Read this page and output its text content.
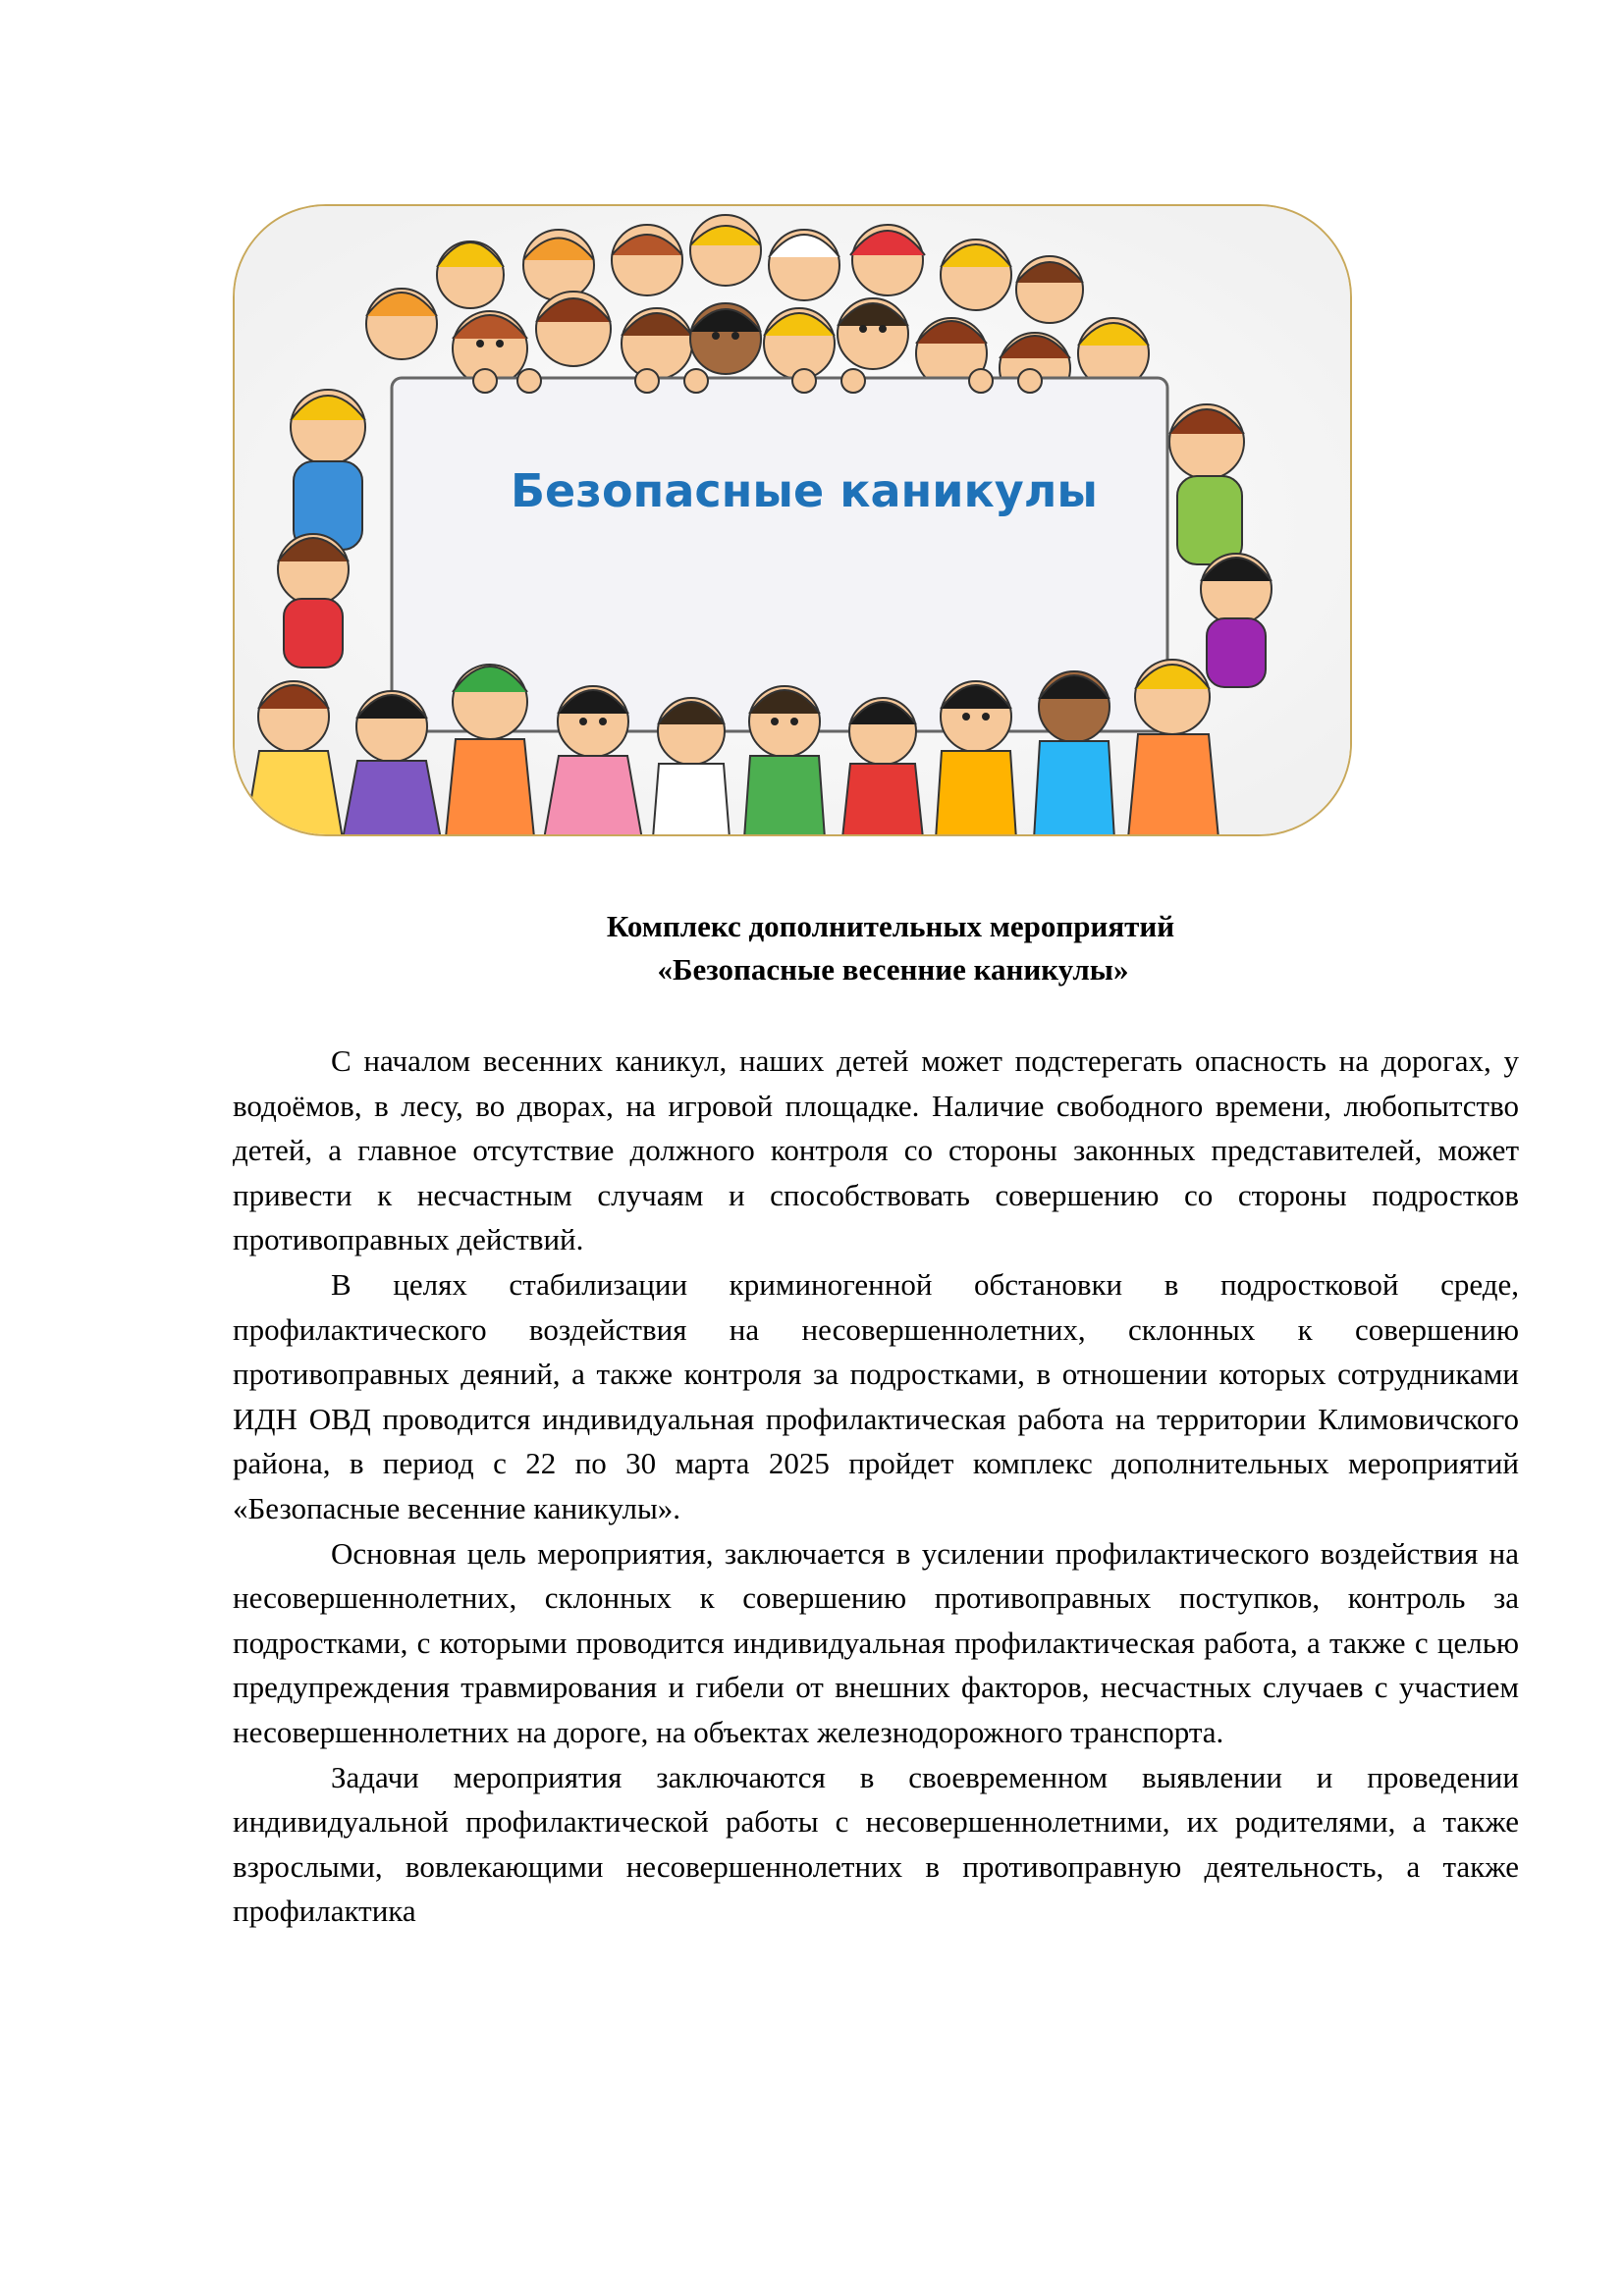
Безопасные каникулы
Комплекс дополнительных мероприятий
«Безопасные весенние каникулы»

С началом весенних каникул, наших детей может подстерегать опасность на дорогах, у водоёмов, в лесу, во дворах, на игровой площадке. Наличие свободного времени, любопытство детей, а главное отсутствие должного контроля со стороны законных представителей, может привести к несчастным случаям и способствовать совершению со стороны подростков противоправных действий.

В целях стабилизации криминогенной обстановки в подростковой среде, профилактического воздействия на несовершеннолетних, склонных к совершению противоправных деяний, а также контроля за подростками, в отношении которых сотрудниками ИДН ОВД проводится индивидуальная профилактическая работа на территории Климовичского района, в период с 22 по 30 марта 2025 пройдет комплекс дополнительных мероприятий «Безопасные весенние каникулы».

Основная цель мероприятия, заключается в усилении профилактического воздействия на несовершеннолетних, склонных к совершению противоправных поступков, контроль за подростками, с которыми проводится индивидуальная профилактическая работа, а также с целью предупреждения травмирования и гибели от внешних факторов, несчастных случаев с участием несовершеннолетних на дороге, на объектах железнодорожного транспорта.

Задачи мероприятия заключаются в своевременном выявлении и проведении индивидуальной профилактической работы с несовершеннолетними, их родителями, а также взрослыми, вовлекающими несовершеннолетних в противоправную деятельность, а также профилактика
